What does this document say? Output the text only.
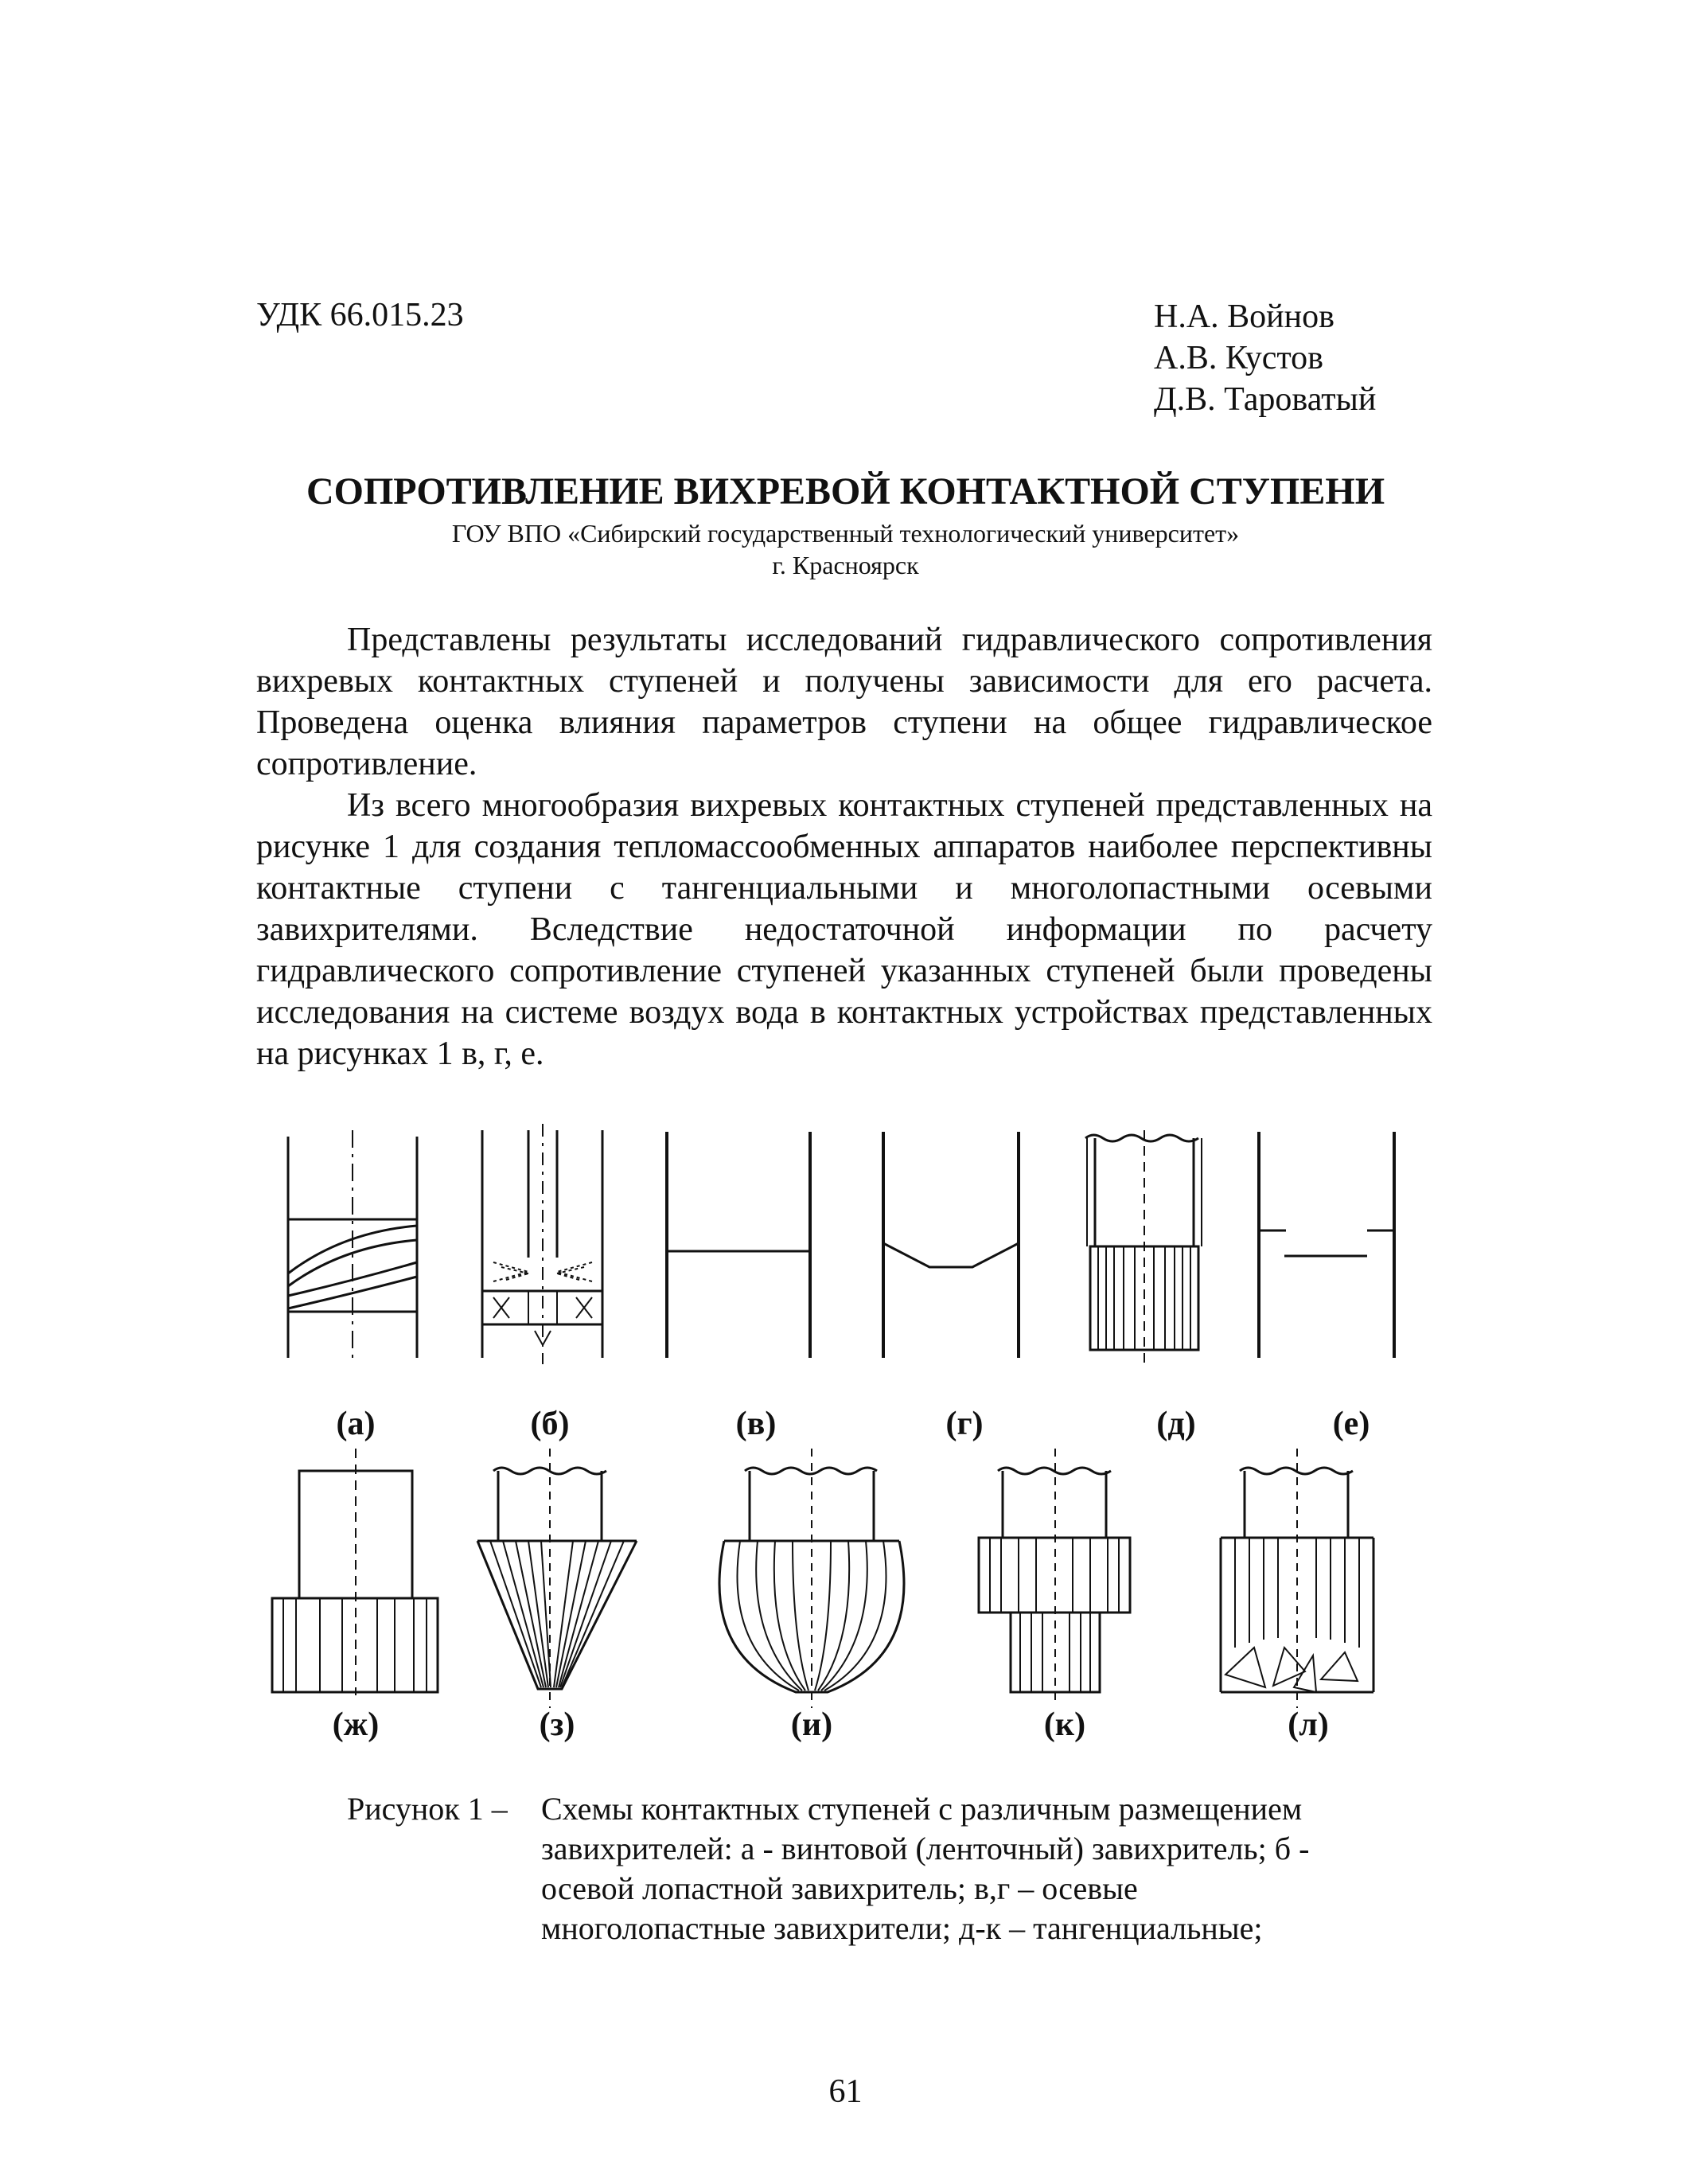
УДК 66.015.23	Н.А. Войнов
А.В. Кустов
Д.В. Тароватый
СОПРОТИВЛЕНИЕ ВИХРЕВОЙ КОНТАКТНОЙ СТУПЕНИ
ГОУ ВПО «Сибирский государственный технологический университет»
г. Красноярск

Представлены результаты исследований гидравлического сопротивления вихревых контактных ступеней и получены зависимости для его расчета. Проведена оценка влияния параметров ступени на общее гидравлическое сопротивление.

Из всего многообразия вихревых контактных ступеней представленных на рисунке 1 для создания тепломассообменных аппаратов наиболее перспективны контактные ступени с тангенциальными и многолопастными осевыми завихрителями. Вследствие недостаточной информации по расчету гидравлического сопротивление ступеней указанных ступеней были проведены исследования на системе воздух вода в контактных устройствах представленных на рисунках 1 в, г, е.

(а)	(б)	(в)	(г)	(д)	(е)
(ж)	(з)	(и)	(к)	(л)
Рисунок 1 – Схемы контактных ступеней с различным размещением
завихрителей: а - винтовой (ленточный) завихритель; б -
осевой лопастной завихритель; в,г – осевые
многолопастные завихрители; д-к – тангенциальные;
61
